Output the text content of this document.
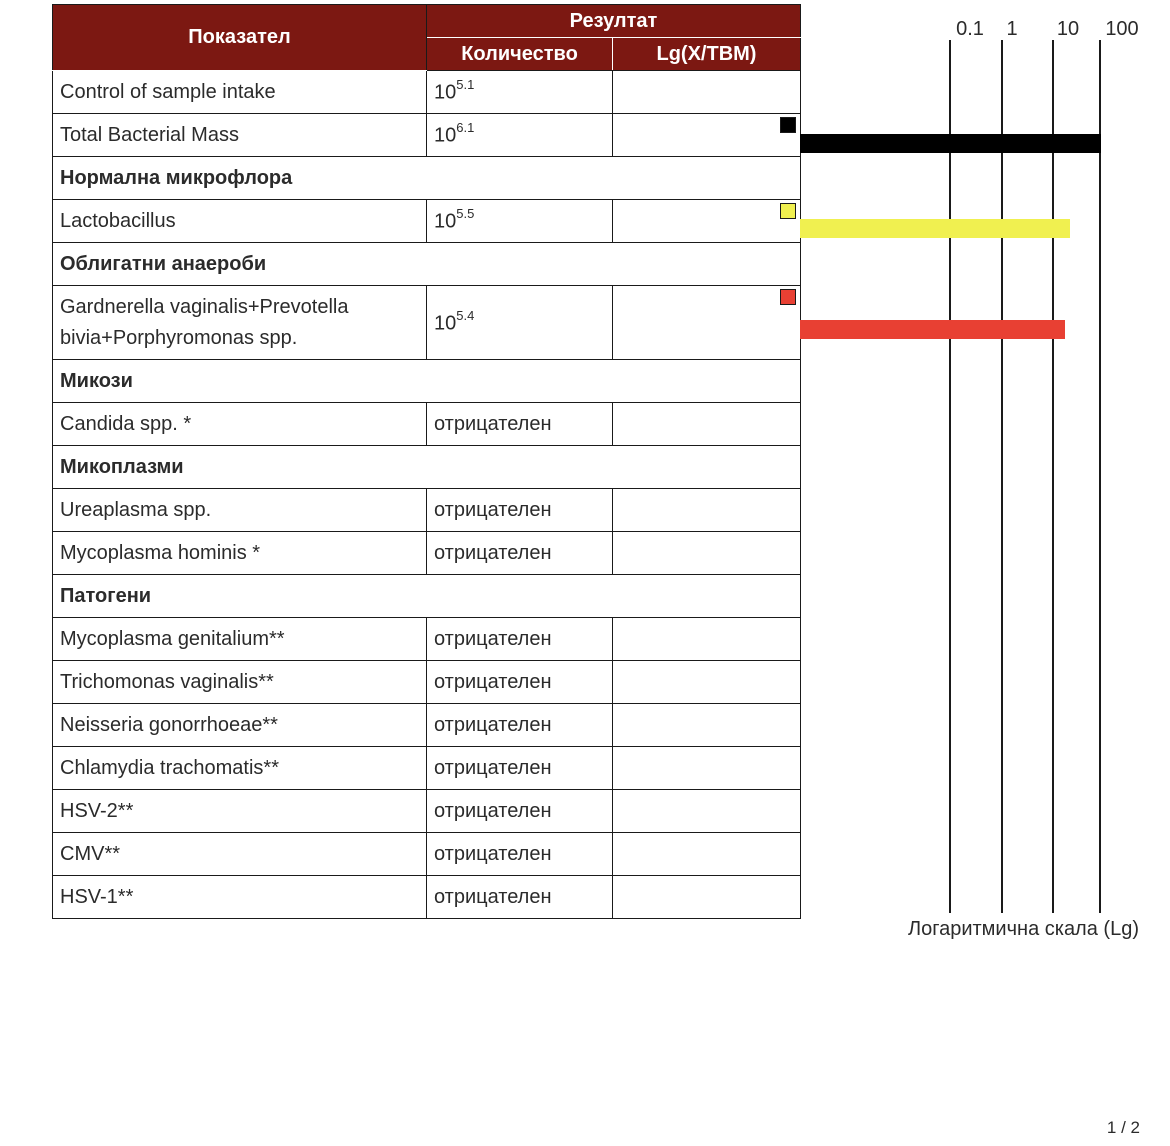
Показател	Резултат	
	Количество	Lg(X/TBM)
Control of sample intake	$10^{5.1}$	
Total Bacterial Mass	$10^{6.1}$	

Нормална микрофлора		
Lactobacillus	$10^{5.5}$	

Облигатни анаероби		
Gardnerella vaginalis+Prevotella
bivia+Porphyromonas spp.	$10^{5.4}$	

Микози		
Candida spp. *	отрицателен	
Микоплазми		
Ureaplasma spp.	отрицателен	
Mycoplasma hominis *	отрицателен	
Патогени		
Mycoplasma genitalium**	отрицателен	
Trichomonas vaginalis**	отрицателен	
Neisseria gonorrhoeae**	отрицателен	
Chlamydia trachomatis**	отрицателен	
HSV-2**	отрицателен	
CMV**	отрицателен	
HSV-1**	отрицателен	
0.1 1 10 100
Логаритмична скала (Lg)
1 / 2
